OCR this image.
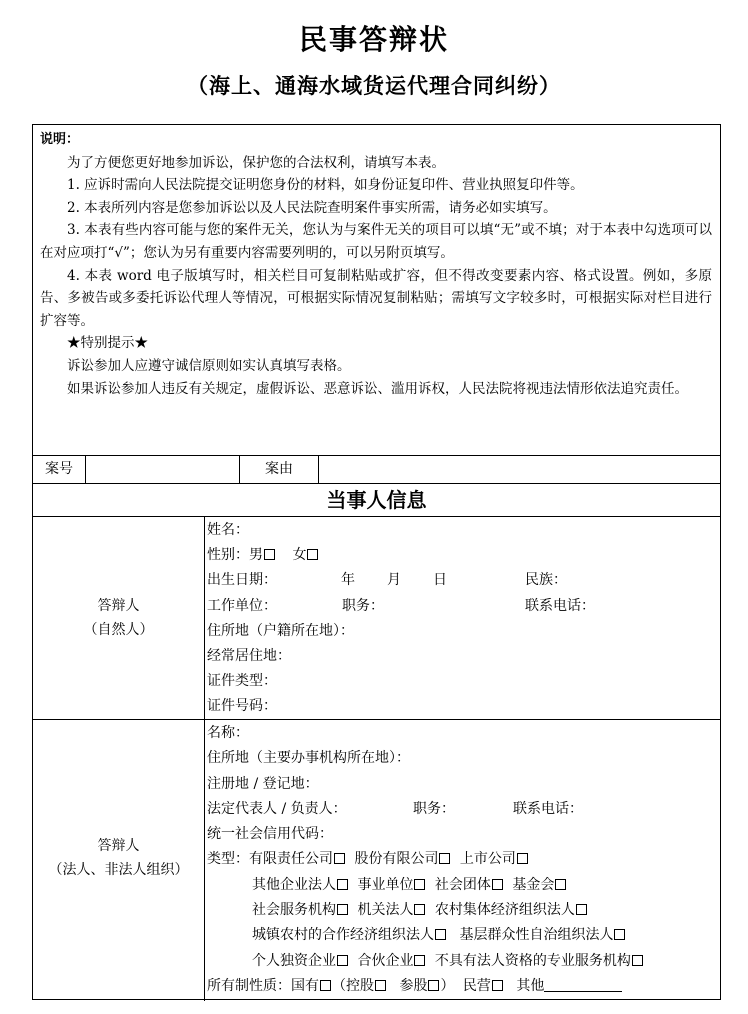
民事答辩状
（海上、通海水域货运代理合同纠纷）
说明：

为了方便您更好地参加诉讼，保护您的合法权利，请填写本表。

1. 应诉时需向人民法院提交证明您身份的材料，如身份证复印件、营业执照复印件等。

2. 本表所列内容是您参加诉讼以及人民法院查明案件事实所需，请务必如实填写。

3. 本表有些内容可能与您的案件无关，您认为与案件无关的项目可以填“无”或不填；对于本表中勾选项可以在对应项打“√”；您认为另有重要内容需要列明的，可以另附页填写。

4. 本表 word 电子版填写时，相关栏目可复制粘贴或扩容，但不得改变要素内容、格式设置。例如，多原告、多被告或多委托诉讼代理人等情况，可根据实际情况复制粘贴；需填写文字较多时，可根据实际对栏目进行扩容等。

★特别提示★

诉讼参加人应遵守诚信原则如实认真填写表格。

如果诉讼参加人违反有关规定，虚假诉讼、恶意诉讼、滥用诉权，人民法院将视违法情形依法追究责任。

案号	案由
当事人信息
答辩人
（自然人）
姓名：
性别：男 女
出生日期：	年 月 日	民族：
工作单位：	职务：	联系电话：
住所地（户籍所在地）：
经常居住地：
证件类型：
证件号码：
答辩人
（法人、非法人组织）
名称：
住所地（主要办事机构所在地）：
注册地 / 登记地：
法定代表人 / 负责人：	职务：	联系电话：
统一社会信用代码：
类型：有限责任公司 股份有限公司 上市公司
其他企业法人 事业单位 社会团体 基金会
社会服务机构 机关法人 农村集体经济组织法人
城镇农村的合作经济组织法人 基层群众性自治组织法人
个人独资企业 合伙企业 不具有法人资格的专业服务机构
所有制性质：国有 （控股 参股 ） 民营 其他
